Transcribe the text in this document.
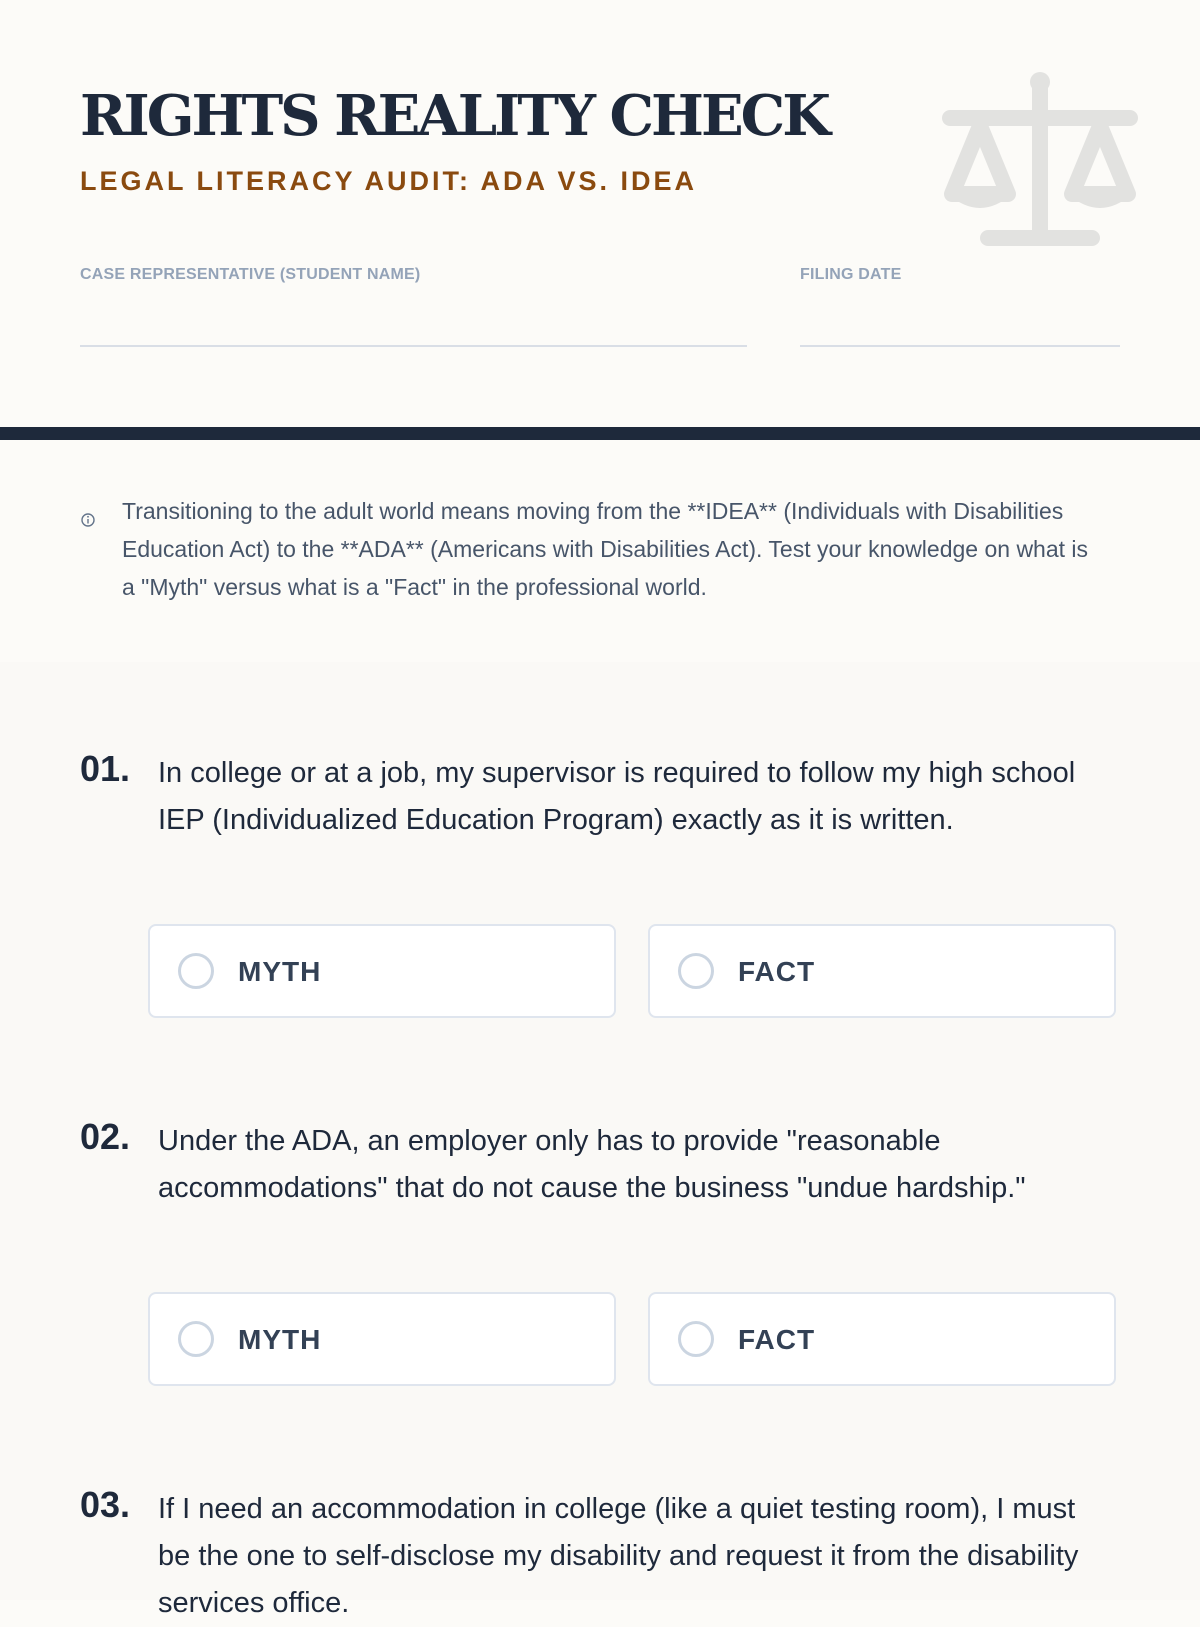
RIGHTS REALITY CHECK
LEGAL LITERACY AUDIT: ADA VS. IDEA
CASE REPRESENTATIVE (STUDENT NAME)	FILING DATE

Transitioning to the adult world means moving from the **IDEA** (Individuals with Disabilities Education Act) to the **ADA** (Americans with Disabilities Act). Test your knowledge on what is a "Myth" versus what is a "Fact" in the professional world.

01. In college or at a job, my supervisor is required to follow my high school IEP (Individualized Education Program) exactly as it is written.

MYTH	FACT
02. Under the ADA, an employer only has to provide "reasonable accommodations" that do not cause the business "undue hardship."

MYTH	FACT
03. If I need an accommodation in college (like a quiet testing room), I must be the one to self-disclose my disability and request it from the disability services office.
